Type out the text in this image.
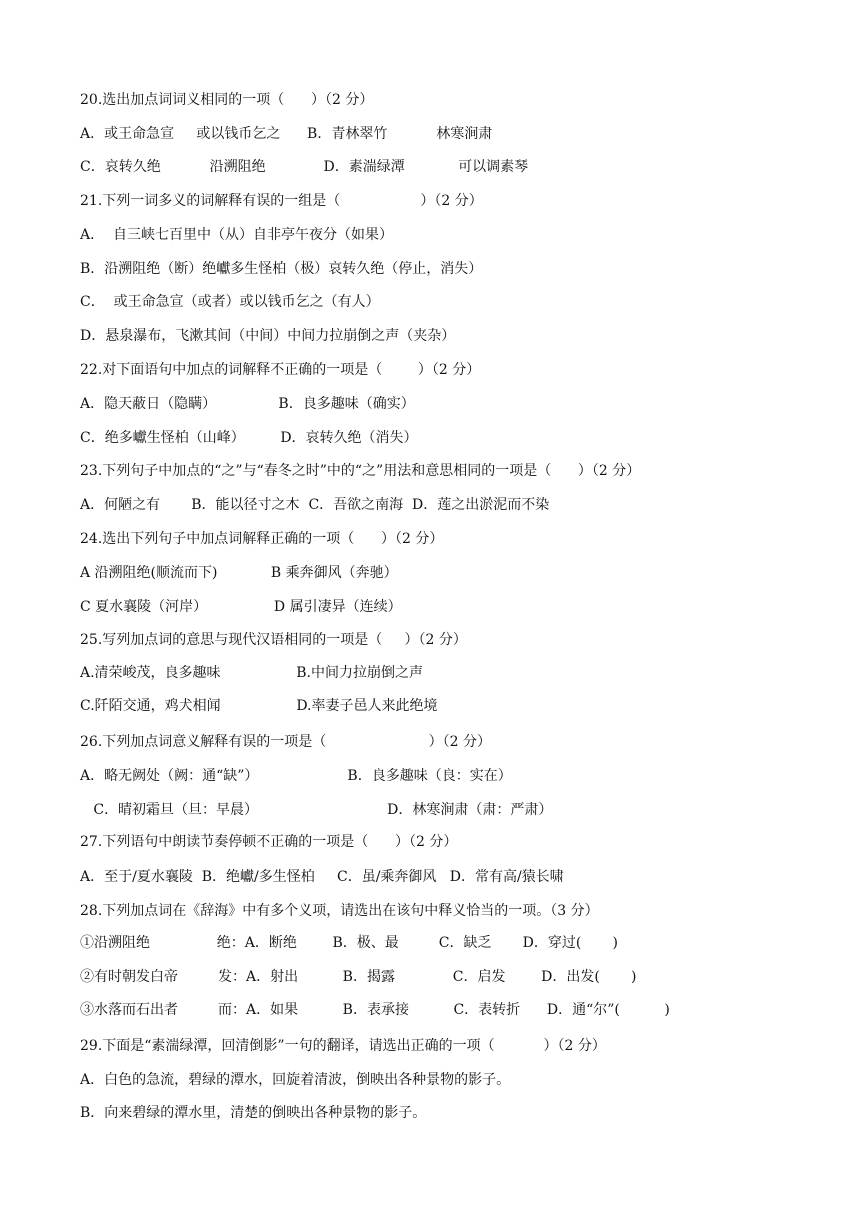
20.选出加点词词义相同的一项（      ）（2 分）
A．或王命急宣     或以钱币乞之      B．青林翠竹           林寒涧肃
C．哀转久绝           沿溯阻绝             D．素湍绿潭            可以调素琴
21.下列一词多义的词解释有误的一组是（                  ）（2 分）
A．  自三峡七百里中（从）自非亭午夜分（如果）
B．沿溯阻绝（断）绝巘多生怪柏（极）哀转久绝（停止，消失）
C．  或王命急宣（或者）或以钱币乞之（有人）
D．悬泉瀑布，飞漱其间（中间）中间力拉崩倒之声（夹杂）
22.对下面语句中加点的词解释不正确的一项是（        ）（2 分）
A．隐天蔽日（隐瞒）              B．良多趣味（确实）
C．绝多巘生怪柏（山峰）        D．哀转久绝（消失）
23.下列句子中加点的“之”与“春冬之时”中的“之”用法和意思相同的一项是（      ）（2 分）
A．何陋之有       B．能以径寸之木  C．吾欲之南海  D．莲之出淤泥而不染
24.选出下列句子中加点词解释正确的一项（      ）（2 分）
A 沿溯阻绝(顺流而下)            B 乘奔御风（奔驰）
C 夏水襄陵（河岸）               D 属引凄异（连续）
25.写列加点词的意思与现代汉语相同的一项是（     ）（2 分）
A.清荣峻茂，良多趣味                 B.中间力拉崩倒之声
C.阡陌交通，鸡犬相闻                 D.率妻子邑人来此绝境
26.下列加点词意义解释有误的一项是（                       ）（2 分）
A．略无阙处（阙：通“缺”）                    B．良多趣味（良：实在）
C．晴初霜旦（旦：早晨）                             D．林寒涧肃（肃：严肃）
27.下列语句中朗读节奏停顿不正确的一项是（      ）（2 分）
A．至于/夏水襄陵  B．绝巘/多生怪柏     C．虽/乘奔御风   D．常有高/猿长啸
28.下列加点词在《辞海》中有多个义项，请选出在该句中释义恰当的一项。（3 分）
①沿溯阻绝               绝：A．断绝        B．极、最         C．缺乏       D．穿过(       )
②有时朝发白帝         发：A．射出          B．揭露             C．启发        D．出发(       )
③水落而石出者         而：A．如果          B．表承接          C．表转折      D．通“尔”(          )
29.下面是“素湍绿潭，回清倒影”一句的翻译，请选出正确的一项（           ）（2 分）
A．白色的急流，碧绿的潭水，回旋着清波，倒映出各种景物的影子。
B．向来碧绿的潭水里，清楚的倒映出各种景物的影子。
